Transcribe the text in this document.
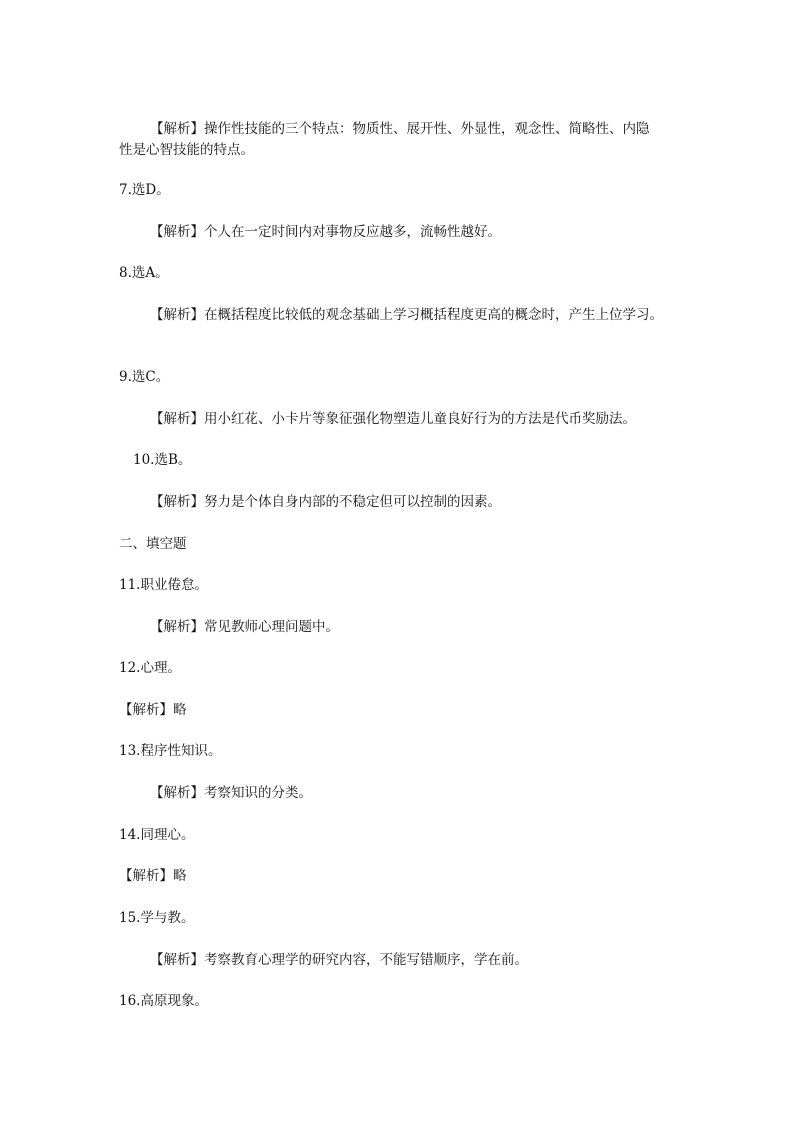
【解析】操作性技能的三个特点：物质性、展开性、外显性，观念性、简略性、内隐
性是心智技能的特点。
7.选D。
【解析】个人在一定时间内对事物反应越多，流畅性越好。
8.选A。
【解析】在概括程度比较低的观念基础上学习概括程度更高的概念时，产生上位学习。
9.选C。
【解析】用小红花、小卡片等象征强化物塑造儿童良好行为的方法是代币奖励法。
10.选B。
【解析】努力是个体自身内部的不稳定但可以控制的因素。
二、填空题
11.职业倦怠。
【解析】常见教师心理问题中。
12.心理。
【解析】略
13.程序性知识。
【解析】考察知识的分类。
14.同理心。
【解析】略
15.学与教。
【解析】考察教育心理学的研究内容，不能写错顺序，学在前。
16.高原现象。
